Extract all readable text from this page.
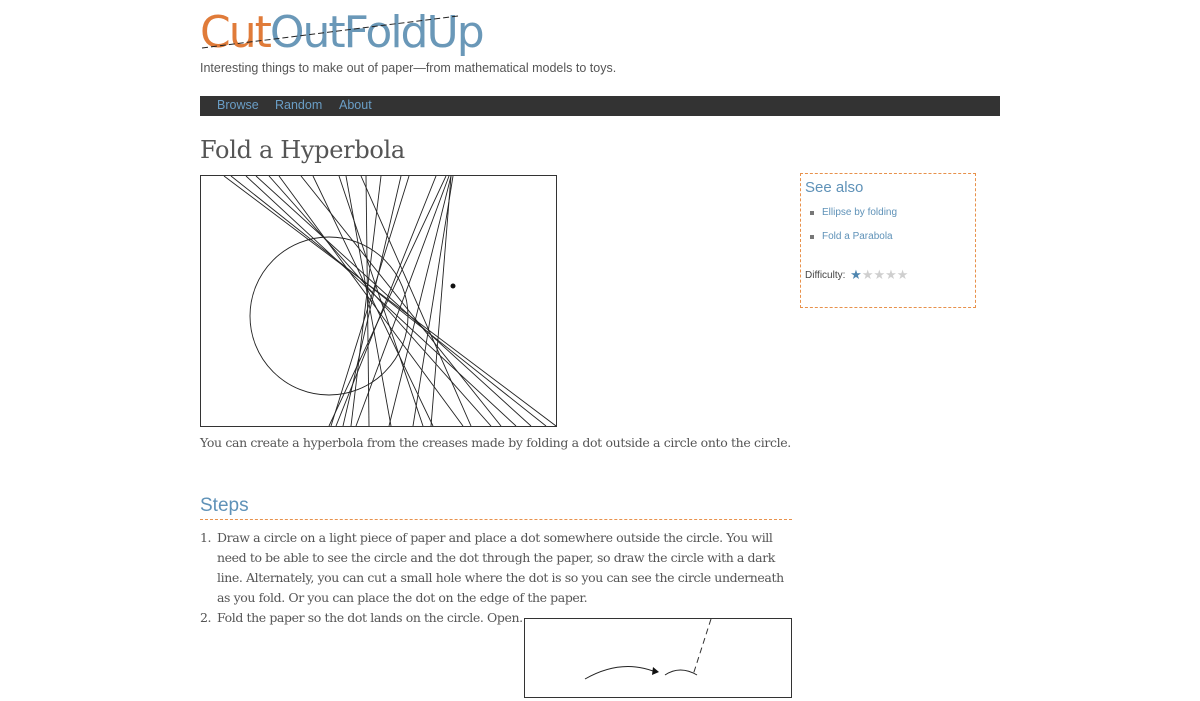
CutOutFoldUp
Interesting things to make out of paper—from mathematical models to toys.
Browse Random About
Fold a Hyperbola

You can create a hyperbola from the creases made by folding a dot outside a circle onto the circle.

Steps
1. Draw a circle on a light piece of paper and place a dot somewhere outside the circle. You will need to be able to see the circle and the dot through the paper, so draw the circle with a dark line. Alternately, you can cut a small hole where the dot is so you can see the circle underneath as you fold. Or you can place the dot on the edge of the paper.
2. Fold the paper so the dot lands on the circle. Open.
See also
Ellipse by folding
Fold a Parabola
Difficulty: ★★★★★
